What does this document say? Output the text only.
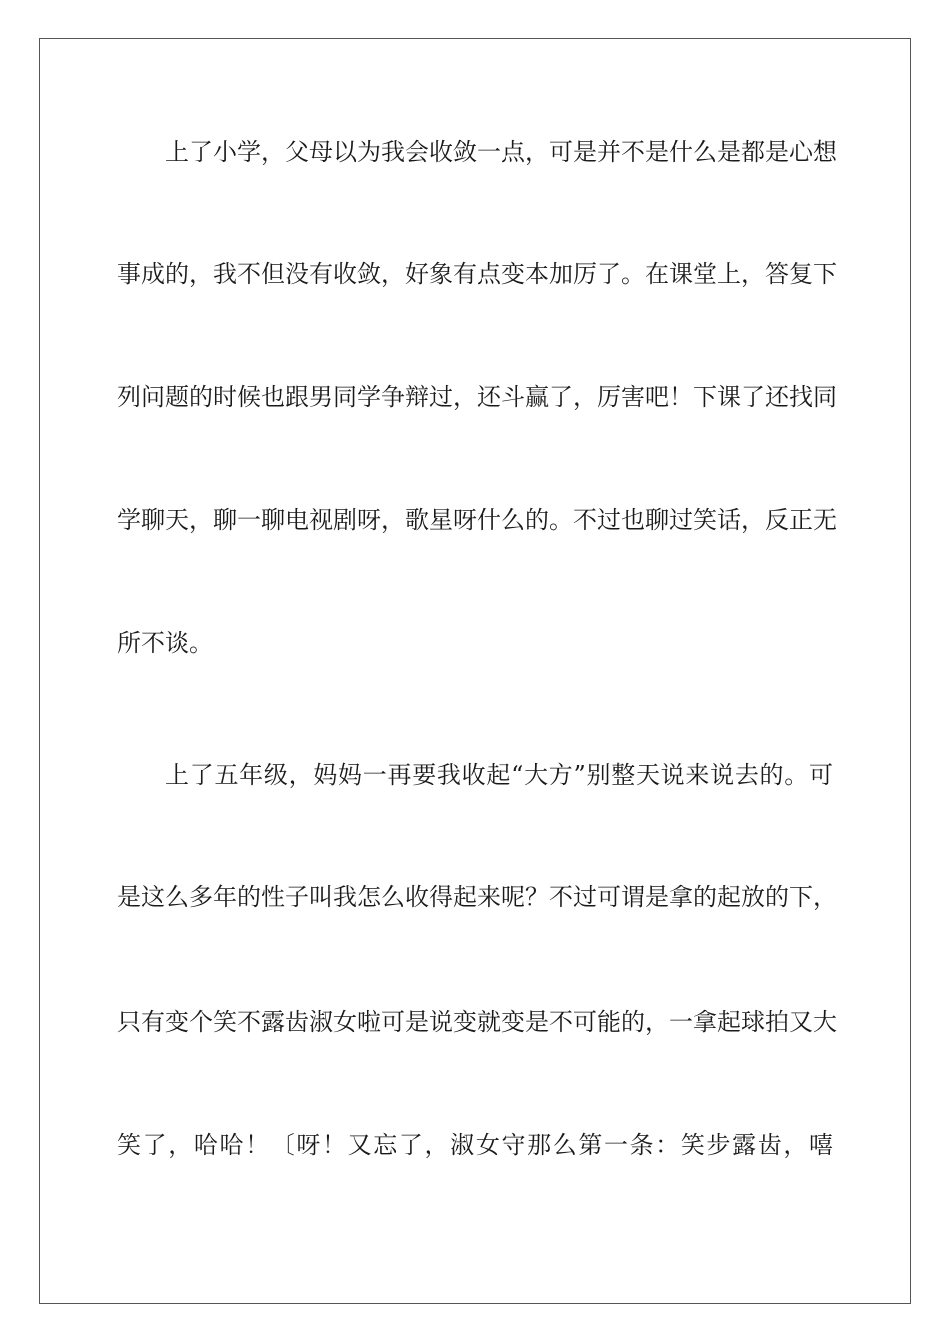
上了小学，父母以为我会收敛一点，可是并不是什么是都是心想
事成的，我不但没有收敛，好象有点变本加厉了。在课堂上，答复下
列问题的时候也跟男同学争辩过，还斗赢了，厉害吧！下课了还找同
学聊天，聊一聊电视剧呀，歌星呀什么的。不过也聊过笑话，反正无
所不谈。
上了五年级，妈妈一再要我收起“大方”别整天说来说去的。可
是这么多年的性子叫我怎么收得起来呢？不过可谓是拿的起放的下，
只有变个笑不露齿淑女啦可是说变就变是不可能的，一拿起球拍又大
笑了，哈哈！〔呀！又忘了，淑女守那么第一条：笑步露齿，嘻
